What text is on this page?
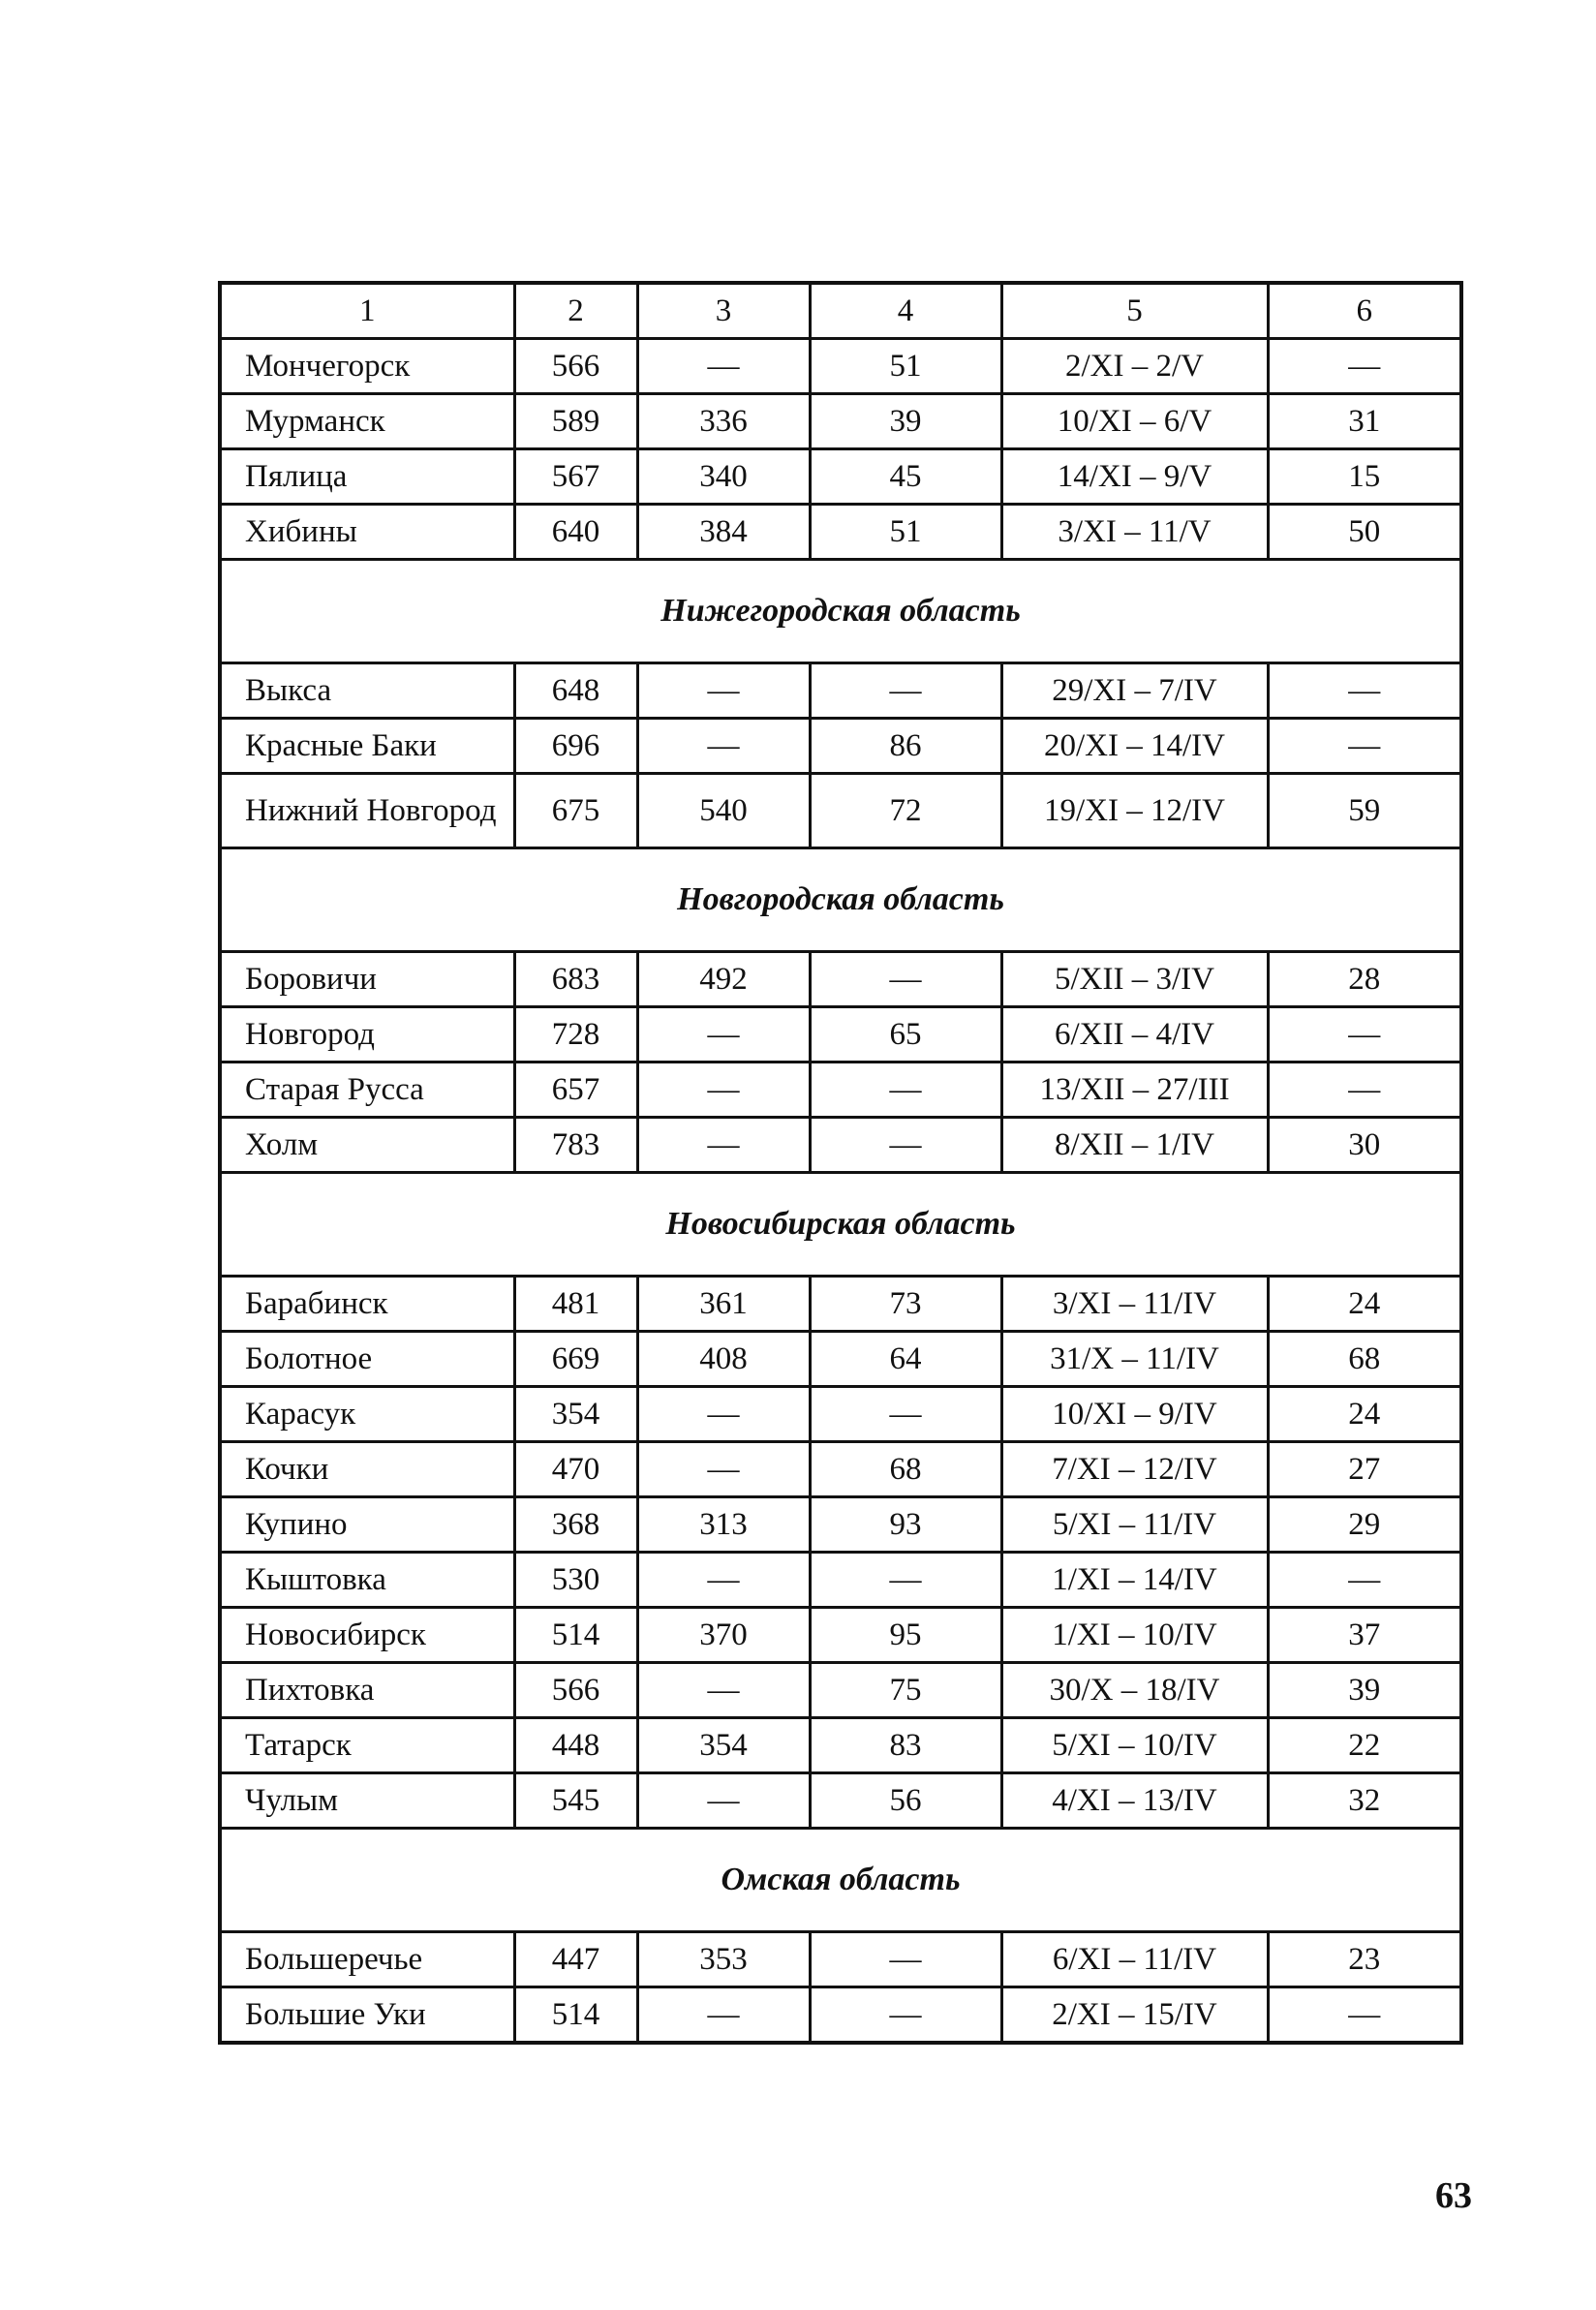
1	2	3	4	5	6
Мончегорск	566	—	51	2/XI – 2/V	—
Мурманск	589	336	39	10/XI – 6/V	31
Пялица	567	340	45	14/XI – 9/V	15
Хибины	640	384	51	3/XI – 11/V	50
Нижегородская область					
Выкса	648	—	—	29/XI – 7/IV	—
Красные Баки	696	—	86	20/XI – 14/IV	—
Нижний Новгород	675	540	72	19/XI – 12/IV	59
Новгородская область					
Боровичи	683	492	—	5/XII – 3/IV	28
Новгород	728	—	65	6/XII – 4/IV	—
Старая Русса	657	—	—	13/XII – 27/III	—
Холм	783	—	—	8/XII – 1/IV	30
Новосибирская область					
Барабинск	481	361	73	3/XI – 11/IV	24
Болотное	669	408	64	31/X – 11/IV	68
Карасук	354	—	—	10/XI – 9/IV	24
Кочки	470	—	68	7/XI – 12/IV	27
Купино	368	313	93	5/XI – 11/IV	29
Кыштовка	530	—	—	1/XI – 14/IV	—
Новосибирск	514	370	95	1/XI – 10/IV	37
Пихтовка	566	—	75	30/X – 18/IV	39
Татарск	448	354	83	5/XI – 10/IV	22
Чулым	545	—	56	4/XI – 13/IV	32
Омская область					
Большеречье	447	353	—	6/XI – 11/IV	23
Большие Уки	514	—	—	2/XI – 15/IV	—
63
